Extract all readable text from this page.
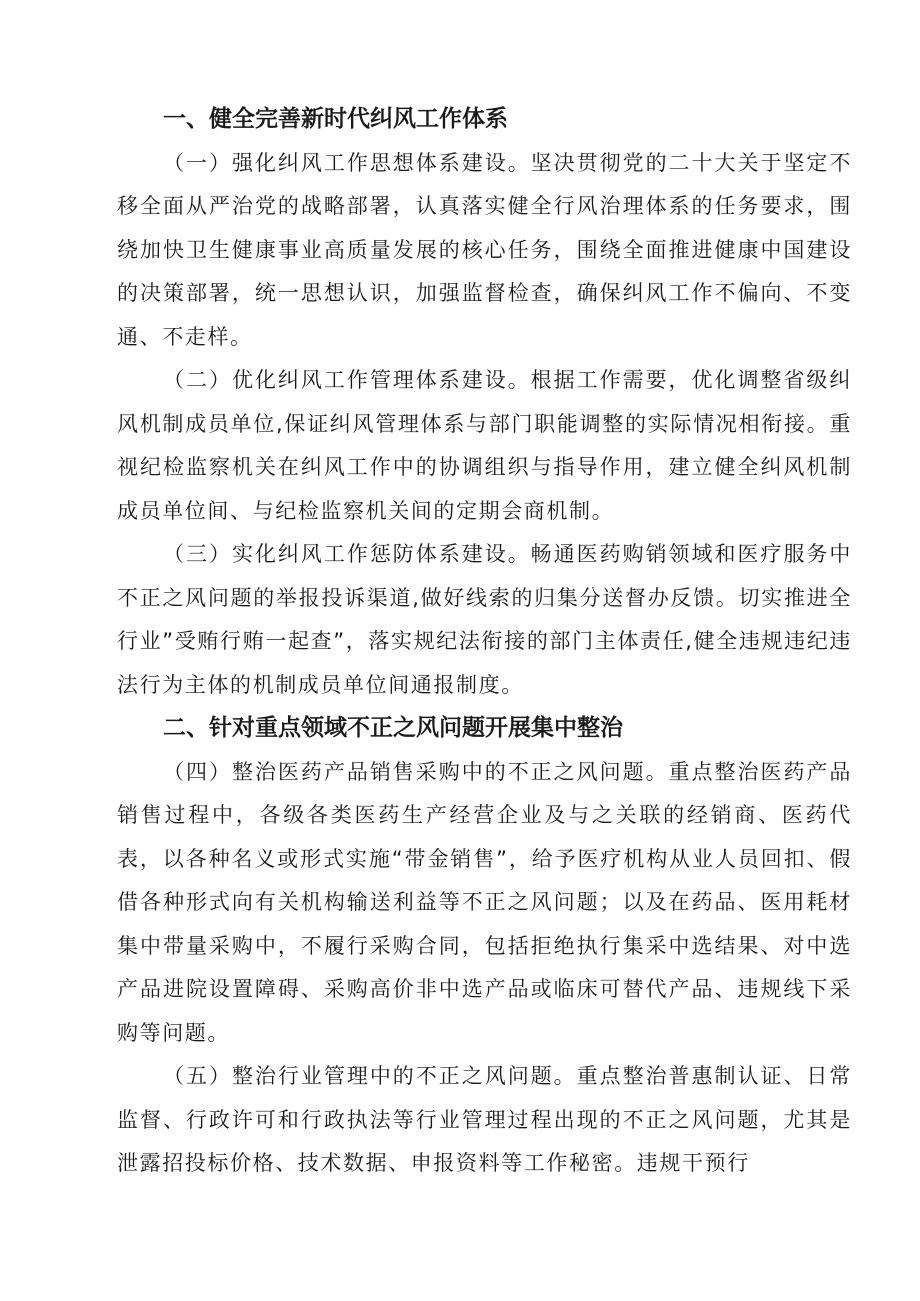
一、健全完善新时代纠风工作体系

（一）强化纠风工作思想体系建设。坚决贯彻党的二十大关于坚定不移全面从严治党的战略部署，认真落实健全行风治理体系的任务要求，围绕加快卫生健康事业高质量发展的核心任务，围绕全面推进健康中国建设的决策部署，统一思想认识，加强监督检查，确保纠风工作不偏向、不变通、不走样。

（二）优化纠风工作管理体系建设。根据工作需要，优化调整省级纠风机制成员单位,保证纠风管理体系与部门职能调整的实际情况相衔接。重视纪检监察机关在纠风工作中的协调组织与指导作用，建立健全纠风机制成员单位间、与纪检监察机关间的定期会商机制。

（三）实化纠风工作惩防体系建设。畅通医药购销领域和医疗服务中不正之风问题的举报投诉渠道,做好线索的归集分送督办反馈。切实推进全行业”受贿行贿一起查”，落实规纪法衔接的部门主体责任,健全违规违纪违法行为主体的机制成员单位间通报制度。

二、针对重点领域不正之风问题开展集中整治

（四）整治医药产品销售采购中的不正之风问题。重点整治医药产品销售过程中，各级各类医药生产经营企业及与之关联的经销商、医药代表，以各种名义或形式实施“带金销售”，给予医疗机构从业人员回扣、假借各种形式向有关机构输送利益等不正之风问题；以及在药品、医用耗材集中带量采购中，不履行采购合同，包括拒绝执行集采中选结果、对中选产品进院设置障碍、采购高价非中选产品或临床可替代产品、违规线下采购等问题。

（五）整治行业管理中的不正之风问题。重点整治普惠制认证、日常监督、行政许可和行政执法等行业管理过程出现的不正之风问题，尤其是泄露招投标价格、技术数据、申报资料等工作秘密。违规干预行
